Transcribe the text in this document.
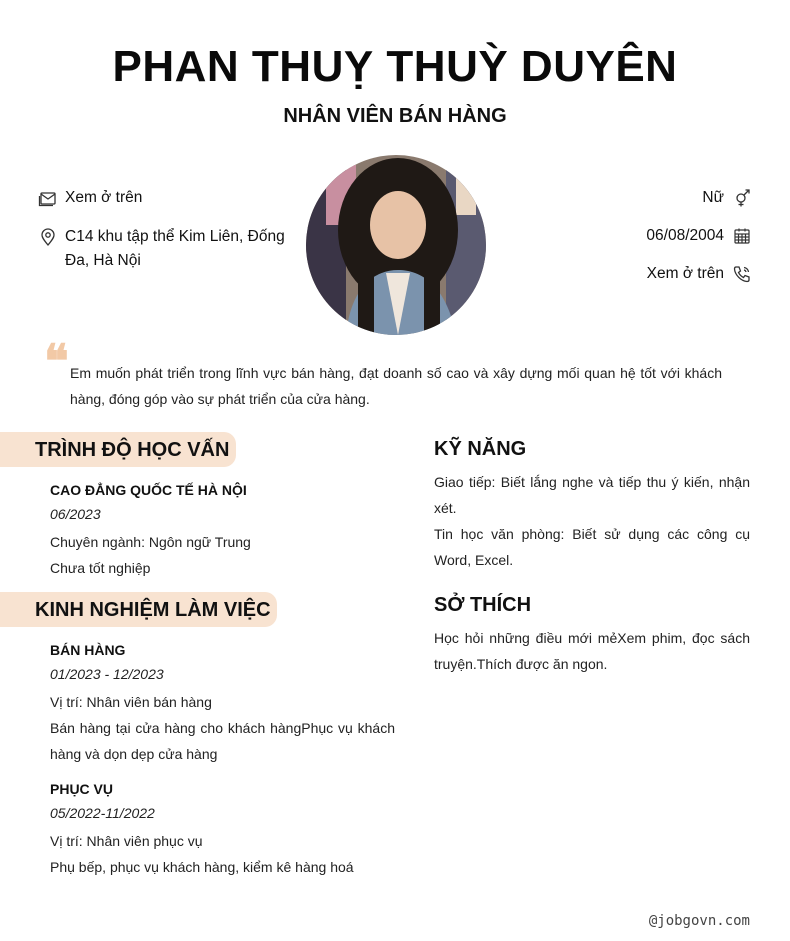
PHAN THUỴ THUỲ DUYÊN
NHÂN VIÊN BÁN HÀNG
Xem ở trên
C14 khu tập thể Kim Liên, Đống Đa, Hà Nội
Nữ
06/08/2004
Xem ở trên
❝ Em muốn phát triển trong lĩnh vực bán hàng, đạt doanh số cao và xây dựng mối quan hệ tốt với khách hàng, đóng góp vào sự phát triển của cửa hàng.
TRÌNH ĐỘ HỌC VẤN
CAO ĐẲNG QUỐC TẾ HÀ NỘI
06/2023
Chuyên ngành: Ngôn ngữ Trung
Chưa tốt nghiệp
KINH NGHIỆM LÀM VIỆC
BÁN HÀNG
01/2023 - 12/2023
Vị trí: Nhân viên bán hàng
Bán hàng tại cửa hàng cho khách hàngPhục vụ khách hàng và dọn dẹp cửa hàng
PHỤC VỤ
05/2022-11/2022
Vị trí: Nhân viên phục vụ
Phụ bếp, phục vụ khách hàng, kiểm kê hàng hoá
KỸ NĂNG
Giao tiếp: Biết lắng nghe và tiếp thu ý kiến, nhận xét.
Tin học văn phòng: Biết sử dụng các công cụ Word, Excel.
SỞ THÍCH
Học hỏi những điều mới mẻXem phim, đọc sách truyện.Thích được ăn ngon.
@jobgovn.com
